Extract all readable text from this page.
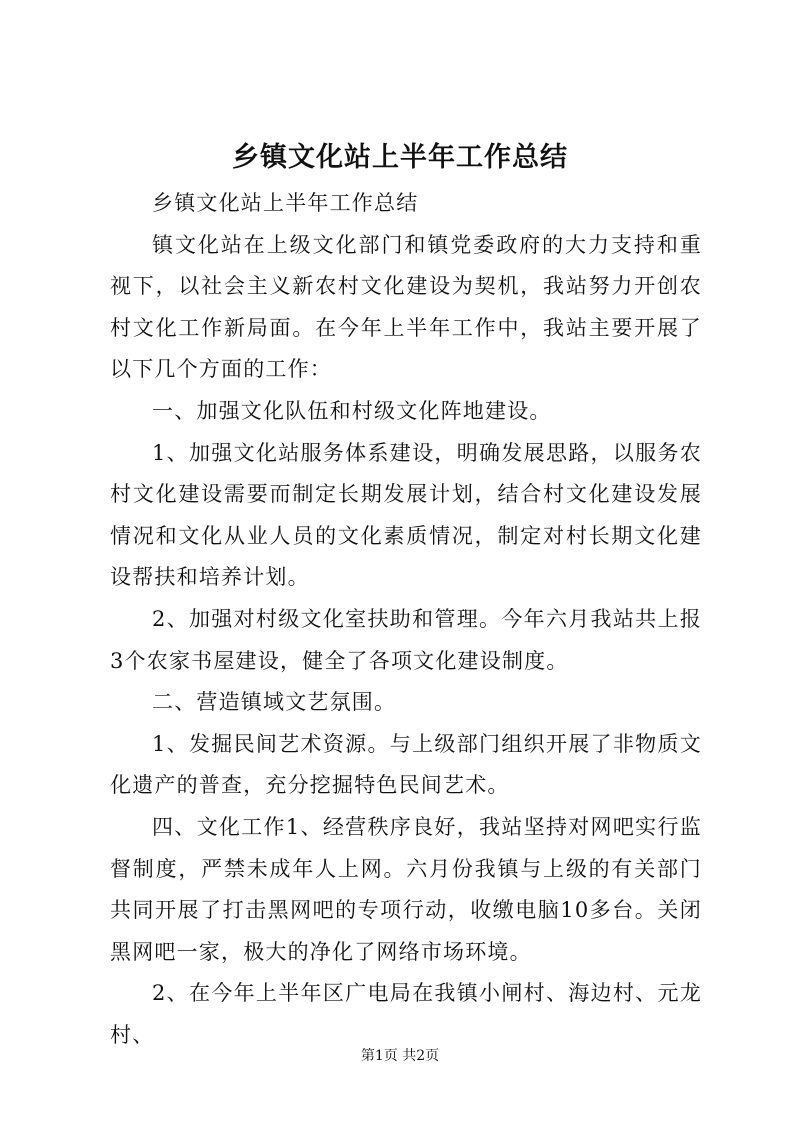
乡镇文化站上半年工作总结

乡镇文化站上半年工作总结

镇文化站在上级文化部门和镇党委政府的大力支持和重视下，以社会主义新农村文化建设为契机，我站努力开创农村文化工作新局面。在今年上半年工作中，我站主要开展了以下几个方面的工作：

一、加强文化队伍和村级文化阵地建设。

1、加强文化站服务体系建设，明确发展思路，以服务农村文化建设需要而制定长期发展计划，结合村文化建设发展情况和文化从业人员的文化素质情况，制定对村长期文化建设帮扶和培养计划。

2、加强对村级文化室扶助和管理。今年六月我站共上报3个农家书屋建设，健全了各项文化建设制度。

二、营造镇域文艺氛围。

1、发掘民间艺术资源。与上级部门组织开展了非物质文化遗产的普查，充分挖掘特色民间艺术。

四、文化工作1、经营秩序良好，我站坚持对网吧实行监督制度，严禁未成年人上网。六月份我镇与上级的有关部门共同开展了打击黑网吧的专项行动，收缴电脑10多台。关闭黑网吧一家，极大的净化了网络市场环境。

2、在今年上半年区广电局在我镇小闸村、海边村、元龙村、

第1页 共2页
